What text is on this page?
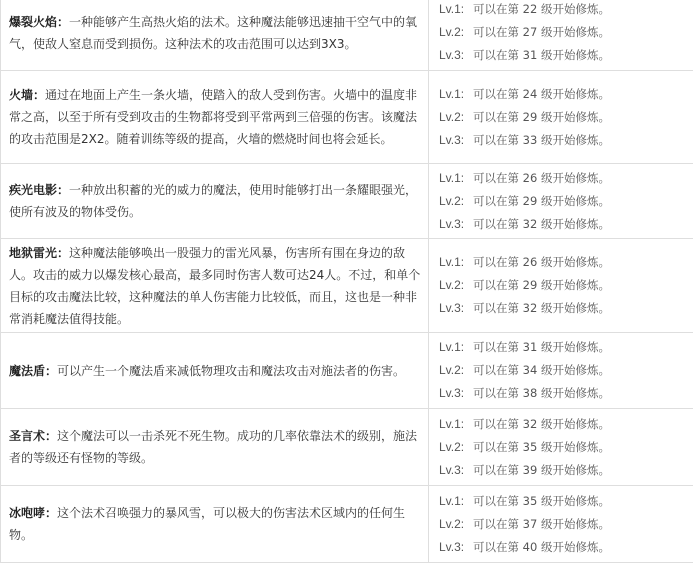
爆裂火焰：一种能够产生高热火焰的法术。这种魔法能够迅速抽干空气中的氧气，使敌人窒息而受到损伤。这种法术的攻击范围可以达到3X3。	Lv.1: 可以在第 22 级开始修炼。
Lv.2: 可以在第 27 级开始修炼。
Lv.3: 可以在第 31 级开始修炼。

火墙：通过在地面上产生一条火墙，使踏入的敌人受到伤害。火墙中的温度非常之高，以至于所有受到攻击的生物都将受到平常两到三倍强的伤害。该魔法的攻击范围是2X2。随着训练等级的提高，火墙的燃烧时间也将会延长。	Lv.1: 可以在第 24 级开始修炼。
Lv.2: 可以在第 29 级开始修炼。
Lv.3: 可以在第 33 级开始修炼。

疾光电影：一种放出积蓄的光的威力的魔法，使用时能够打出一条耀眼强光，使所有波及的物体受伤。	Lv.1: 可以在第 26 级开始修炼。
Lv.2: 可以在第 29 级开始修炼。
Lv.3: 可以在第 32 级开始修炼。

地狱雷光：这种魔法能够唤出一股强力的雷光风暴，伤害所有围在身边的敌人。攻击的威力以爆发核心最高，最多同时伤害人数可达24人。不过，和单个目标的攻击魔法比较，这种魔法的单人伤害能力比较低，而且，这也是一种非常消耗魔法值得技能。	Lv.1: 可以在第 26 级开始修炼。
Lv.2: 可以在第 29 级开始修炼。
Lv.3: 可以在第 32 级开始修炼。

魔法盾：可以产生一个魔法盾来减低物理攻击和魔法攻击对施法者的伤害。	Lv.1: 可以在第 31 级开始修炼。
Lv.2: 可以在第 34 级开始修炼。
Lv.3: 可以在第 38 级开始修炼。

圣言术：这个魔法可以一击杀死不死生物。成功的几率依靠法术的级别，施法者的等级还有怪物的等级。	Lv.1: 可以在第 32 级开始修炼。
Lv.2: 可以在第 35 级开始修炼。
Lv.3: 可以在第 39 级开始修炼。

冰咆哮：这个法术召唤强力的暴风雪，可以极大的伤害法术区域内的任何生物。	Lv.1: 可以在第 35 级开始修炼。
Lv.2: 可以在第 37 级开始修炼。
Lv.3: 可以在第 40 级开始修炼。
